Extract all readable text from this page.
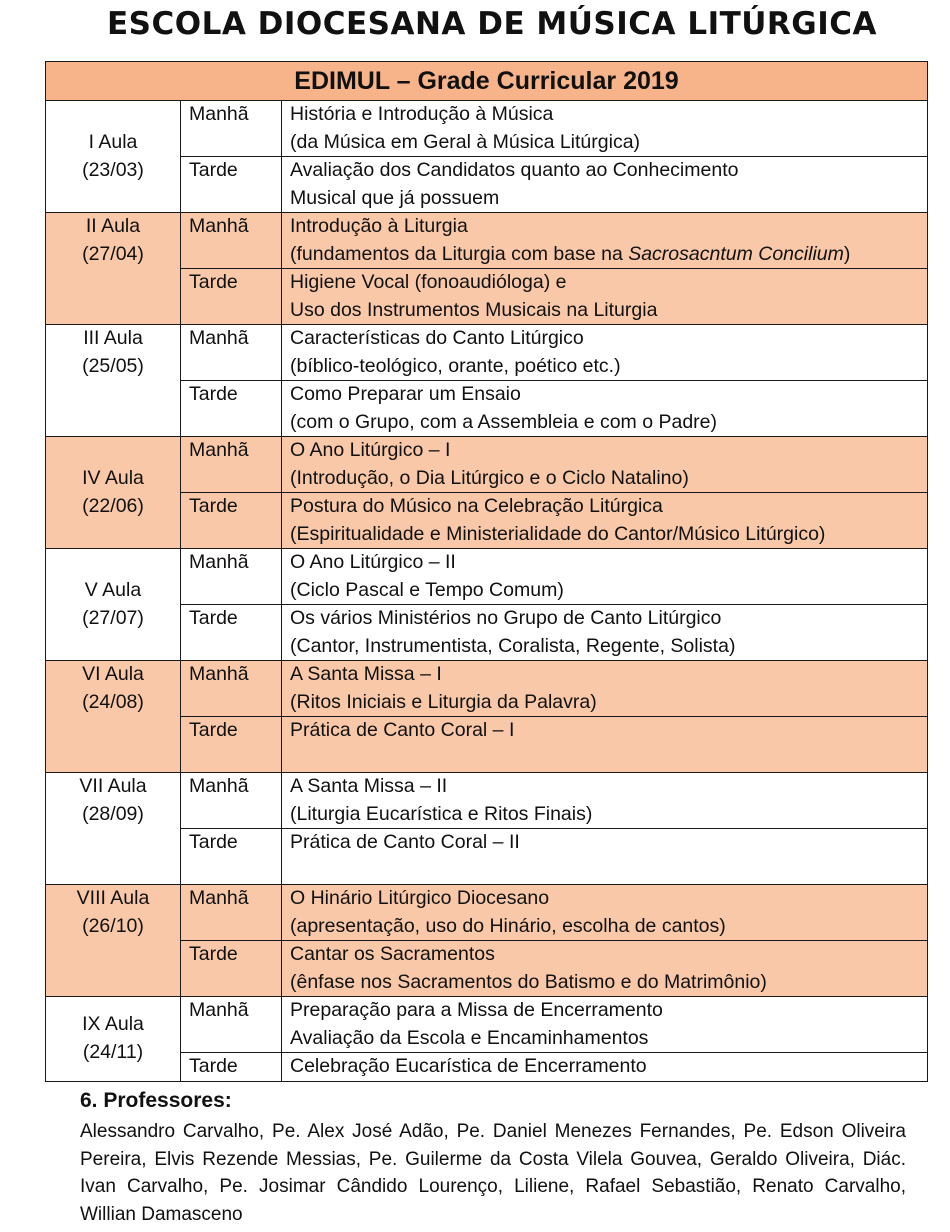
ESCOLA DIOCESANA DE MÚSICA LITÚRGICA
EDIMUL – Grade Curricular 2019		

I Aula
(23/03)	Manhã	História e Introdução à Música
(da Música em Geral à Música Litúrgica)

	Tarde	Avaliação dos Candidatos quanto ao Conhecimento
Musical que já possuem

II Aula
(27/04)	Manhã	Introdução à Liturgia
(fundamentos da Liturgia com base na Sacrosacntum Concilium)

	Tarde	Higiene Vocal (fonoaudióloga) e
Uso dos Instrumentos Musicais na Liturgia

III Aula
(25/05)	Manhã	Características do Canto Litúrgico
(bíblico-teológico, orante, poético etc.)

	Tarde	Como Preparar um Ensaio
(com o Grupo, com a Assembleia e com o Padre)

IV Aula
(22/06)	Manhã	O Ano Litúrgico – I
(Introdução, o Dia Litúrgico e o Ciclo Natalino)

	Tarde	Postura do Músico na Celebração Litúrgica
(Espiritualidade e Ministerialidade do Cantor/Músico Litúrgico)

V Aula
(27/07)	Manhã	O Ano Litúrgico – II
(Ciclo Pascal e Tempo Comum)

	Tarde	Os vários Ministérios no Grupo de Canto Litúrgico
(Cantor, Instrumentista, Coralista, Regente, Solista)

VI Aula
(24/08)	Manhã	A Santa Missa – I
(Ritos Iniciais e Liturgia da Palavra)

	Tarde	Prática de Canto Coral – I

VII Aula
(28/09)	Manhã	A Santa Missa – II
(Liturgia Eucarística e Ritos Finais)

	Tarde	Prática de Canto Coral – II

VIII Aula
(26/10)	Manhã	O Hinário Litúrgico Diocesano
(apresentação, uso do Hinário, escolha de cantos)

	Tarde	Cantar os Sacramentos
(ênfase nos Sacramentos do Batismo e do Matrimônio)

IX Aula
(24/11)	Manhã	Preparação para a Missa de Encerramento
Avaliação da Escola e Encaminhamentos

	Tarde	Celebração Eucarística de Encerramento
6. Professores:
Alessandro Carvalho, Pe. Alex José Adão, Pe. Daniel Menezes Fernandes, Pe. Edson Oliveira Pereira, Elvis Rezende Messias, Pe. Guilerme da Costa Vilela Gouvea, Geraldo Oliveira, Diác. Ivan Carvalho, Pe. Josimar Cândido Lourenço, Liliene, Rafael Sebastião, Renato Carvalho, Willian Damasceno
